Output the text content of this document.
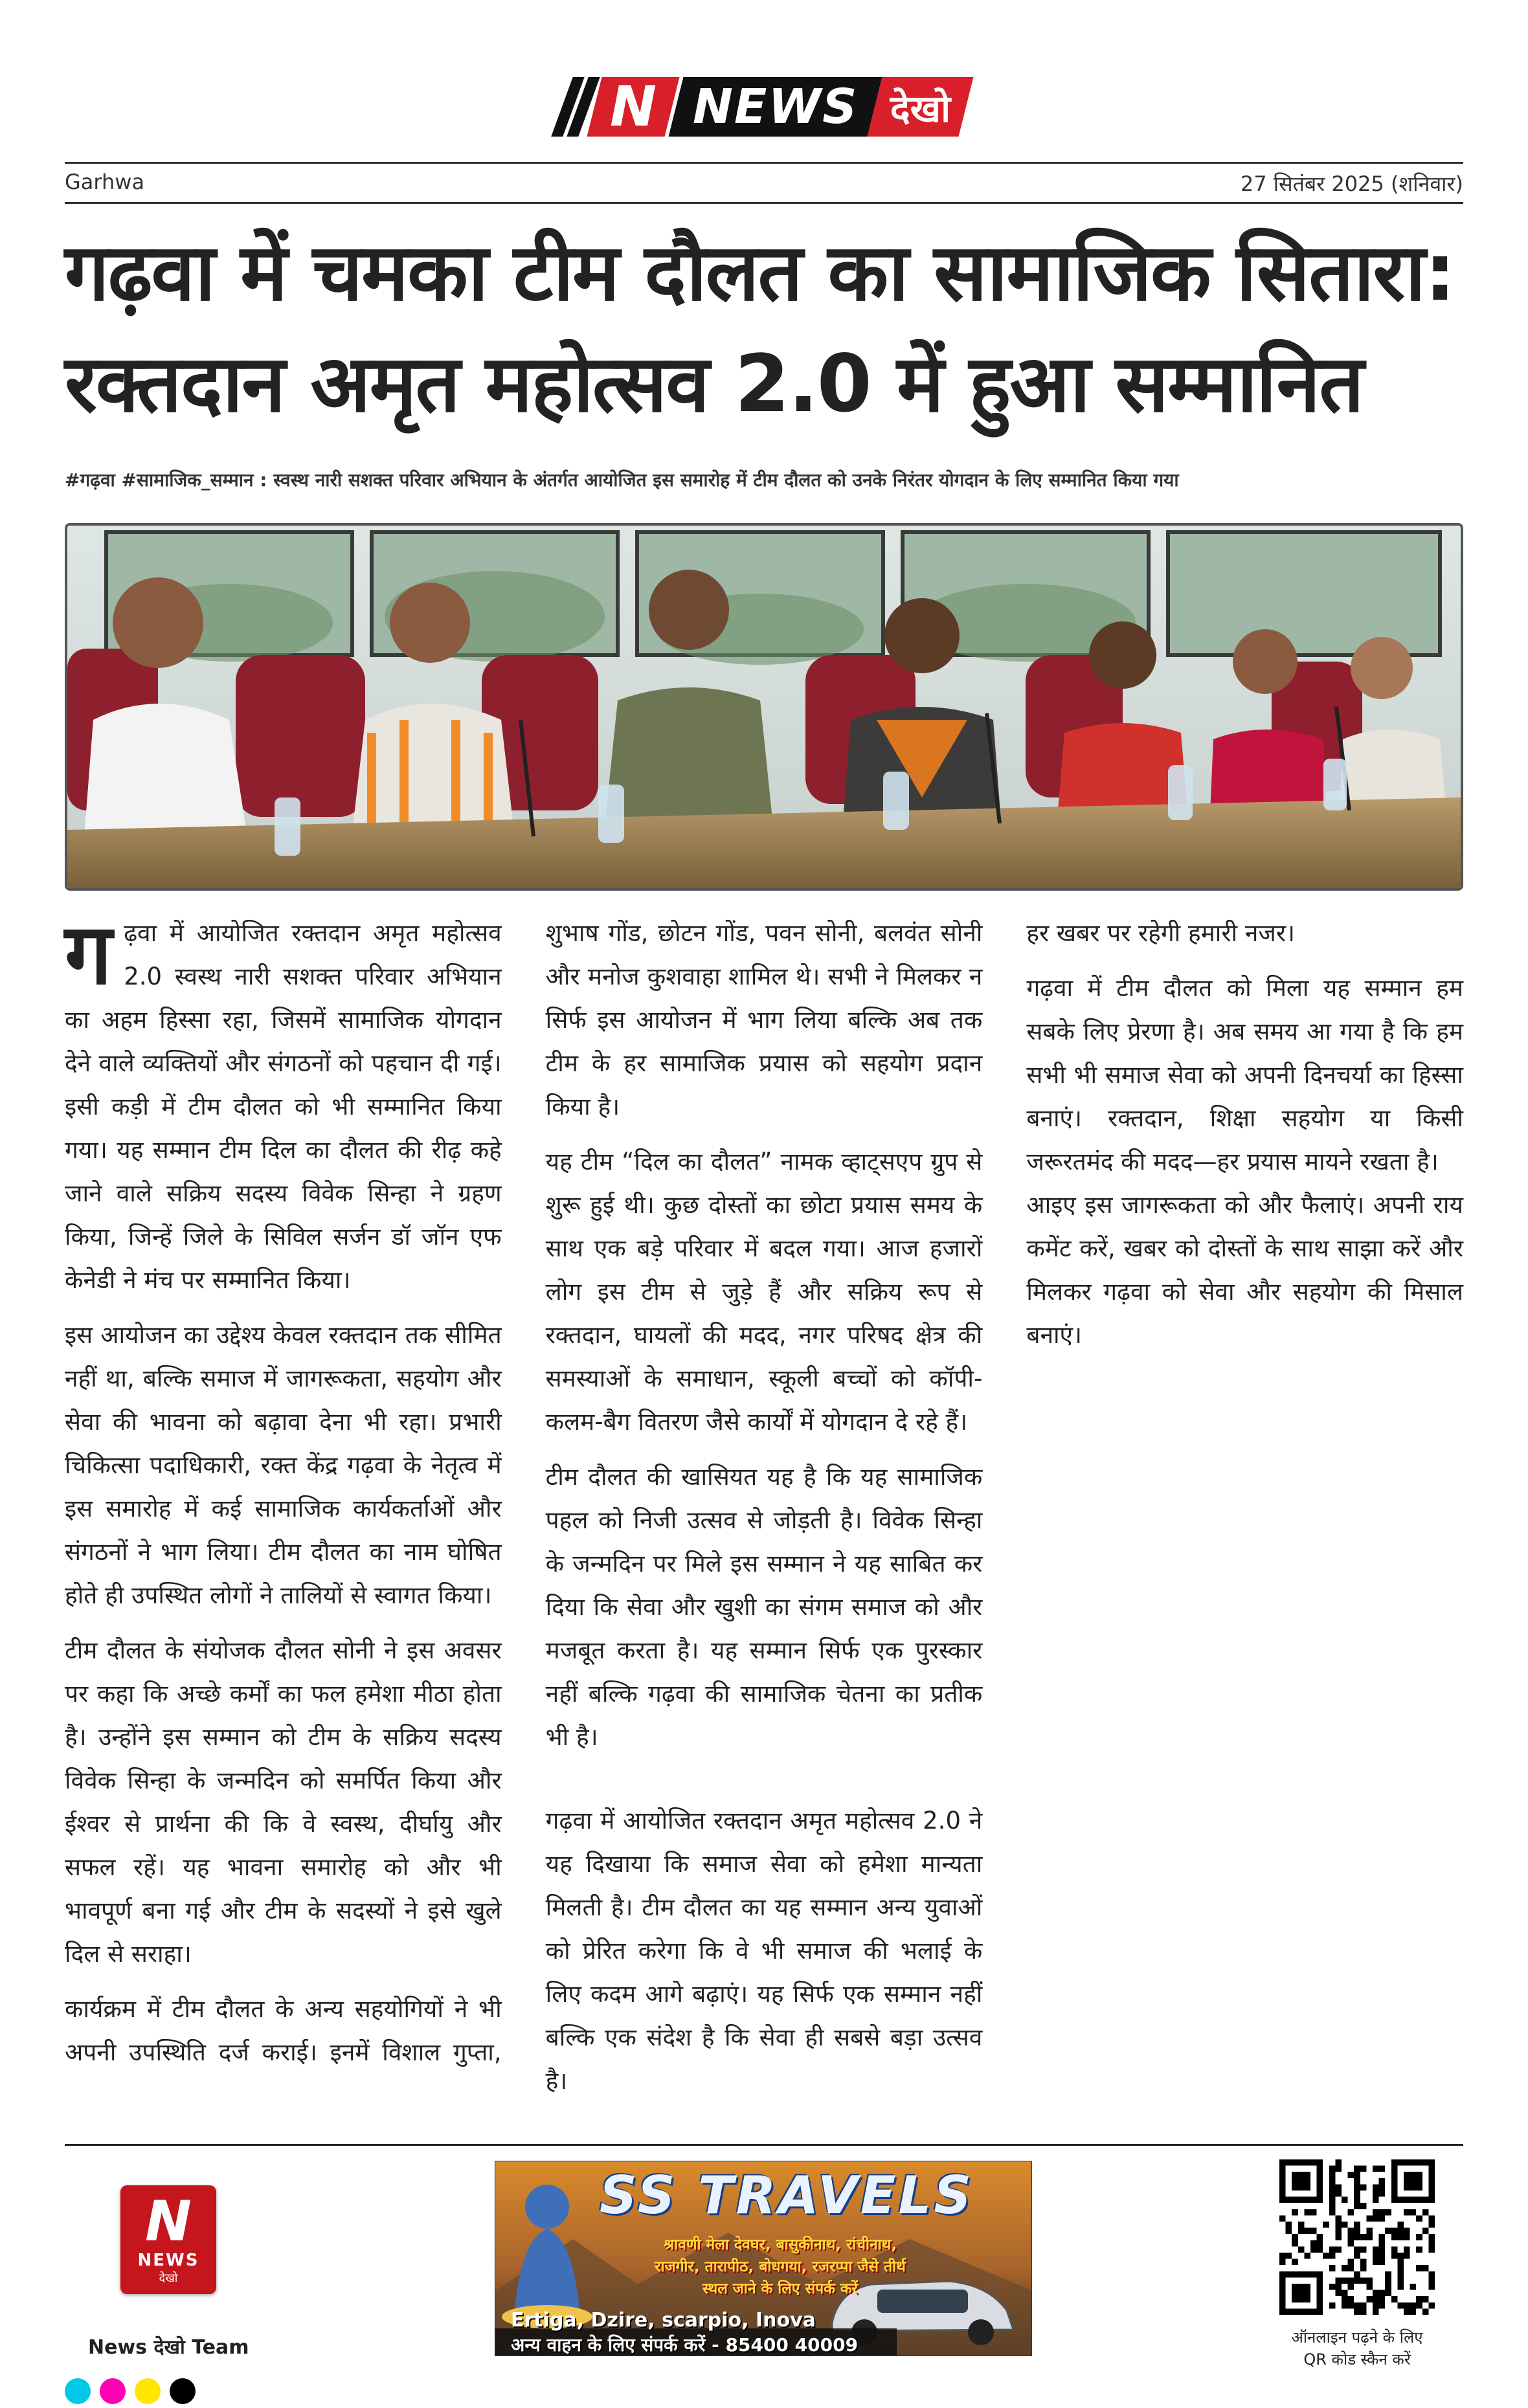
N NEWS देखो
Garhwa	27 सितंबर 2025 (शनिवार)
गढ़वा में चमका टीम दौलत का सामाजिक सितारा:
रक्तदान अमृत महोत्सव 2.0 में हुआ सम्मानित
#गढ़वा #सामाजिक_सम्मान : स्वस्थ नारी सशक्त परिवार अभियान के अंतर्गत आयोजित इस समारोह में टीम दौलत को उनके निरंतर योगदान के लिए सम्मानित किया गया

गढ़वा में आयोजित रक्तदान अमृत महोत्सव 2.0 स्वस्थ नारी सशक्त परिवार अभियान का अहम हिस्सा रहा, जिसमें सामाजिक योगदान देने वाले व्यक्तियों और संगठनों को पहचान दी गई। इसी कड़ी में टीम दौलत को भी सम्मानित किया गया। यह सम्मान टीम दिल का दौलत की रीढ़ कहे जाने वाले सक्रिय सदस्य विवेक सिन्हा ने ग्रहण किया, जिन्हें जिले के सिविल सर्जन डॉ जॉन एफ केनेडी ने मंच पर सम्मानित किया।

इस आयोजन का उद्देश्य केवल रक्तदान तक सीमित नहीं था, बल्कि समाज में जागरूकता, सहयोग और सेवा की भावना को बढ़ावा देना भी रहा। प्रभारी चिकित्सा पदाधिकारी, रक्त केंद्र गढ़वा के नेतृत्व में इस समारोह में कई सामाजिक कार्यकर्ताओं और संगठनों ने भाग लिया। टीम दौलत का नाम घोषित होते ही उपस्थित लोगों ने तालियों से स्वागत किया।

टीम दौलत के संयोजक दौलत सोनी ने इस अवसर पर कहा कि अच्छे कर्मों का फल हमेशा मीठा होता है। उन्होंने इस सम्मान को टीम के सक्रिय सदस्य विवेक सिन्हा के जन्मदिन को समर्पित किया और ईश्वर से प्रार्थना की कि वे स्वस्थ, दीर्घायु और सफल रहें। यह भावना समारोह को और भी भावपूर्ण बना गई और टीम के सदस्यों ने इसे खुले दिल से सराहा।

कार्यक्रम में टीम दौलत के अन्य सहयोगियों ने भी अपनी उपस्थिति दर्ज कराई। इनमें विशाल गुप्ता, शुभाष गोंड, छोटन गोंड, पवन सोनी, बलवंत सोनी और मनोज कुशवाहा शामिल थे। सभी ने मिलकर न सिर्फ इस आयोजन में भाग लिया बल्कि अब तक टीम के हर सामाजिक प्रयास को सहयोग प्रदान किया है।

यह टीम “दिल का दौलत” नामक व्हाट्सएप ग्रुप से शुरू हुई थी। कुछ दोस्तों का छोटा प्रयास समय के साथ एक बड़े परिवार में बदल गया। आज हजारों लोग इस टीम से जुड़े हैं और सक्रिय रूप से रक्तदान, घायलों की मदद, नगर परिषद क्षेत्र की समस्याओं के समाधान, स्कूली बच्चों को कॉपी-कलम-बैग वितरण जैसे कार्यों में योगदान दे रहे हैं।

टीम दौलत की खासियत यह है कि यह सामाजिक पहल को निजी उत्सव से जोड़ती है। विवेक सिन्हा के जन्मदिन पर मिले इस सम्मान ने यह साबित कर दिया कि सेवा और खुशी का संगम समाज को और मजबूत करता है। यह सम्मान सिर्फ एक पुरस्कार नहीं बल्कि गढ़वा की सामाजिक चेतना का प्रतीक भी है।

गढ़वा में आयोजित रक्तदान अमृत महोत्सव 2.0 ने यह दिखाया कि समाज सेवा को हमेशा मान्यता मिलती है। टीम दौलत का यह सम्मान अन्य युवाओं को प्रेरित करेगा कि वे भी समाज की भलाई के लिए कदम आगे बढ़ाएं। यह सिर्फ एक सम्मान नहीं बल्कि एक संदेश है कि सेवा ही सबसे बड़ा उत्सव है।

हर खबर पर रहेगी हमारी नजर।

गढ़वा में टीम दौलत को मिला यह सम्मान हम सबके लिए प्रेरणा है। अब समय आ गया है कि हम सभी भी समाज सेवा को अपनी दिनचर्या का हिस्सा बनाएं। रक्तदान, शिक्षा सहयोग या किसी जरूरतमंद की मदद—हर प्रयास मायने रखता है।

आइए इस जागरूकता को और फैलाएं। अपनी राय कमेंट करें, खबर को दोस्तों के साथ साझा करें और मिलकर गढ़वा को सेवा और सहयोग की मिसाल बनाएं।

N
NEWS
देखो
News देखो Team
SS TRAVELS
श्रावणी मेला देवघर, बासुकीनाथ, रांचीनाथ,
राजगीर, तारापीठ, बोधगया, रजरप्पा जैसे तीर्थ
स्थल जाने के लिए संपर्क करें
Ertiga, Dzire, scarpio, Inova
अन्य वाहन के लिए संपर्क करें - 85400 40009	ऑनलाइन पढ़ने के लिए
QR कोड स्कैन करें
